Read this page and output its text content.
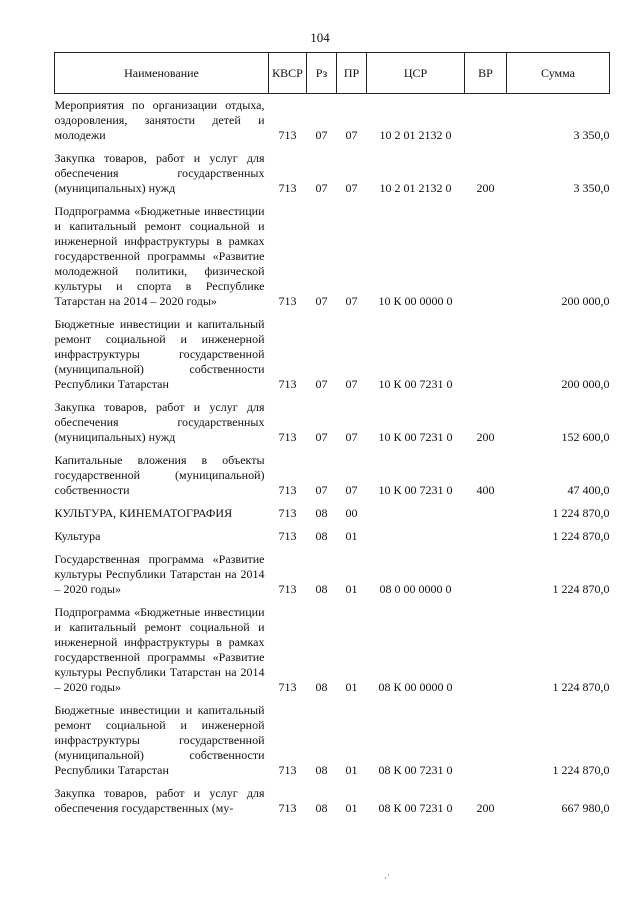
104
Наименование	КВСР	Рз	ПР	ЦСР	ВР	Сумма
Мероприятия по организации отдыха, оздоровления, занятости детей и молодежи	713	07	07	10 2 01 2132 0		3 350,0
Закупка товаров, работ и услуг для обеспечения государственных (муниципальных) нужд	713	07	07	10 2 01 2132 0	200	3 350,0
Подпрограмма «Бюджетные инвестиции и капитальный ремонт социальной и инженерной инфраструктуры в рамках государственной программы «Развитие молодежной политики, физической культуры и спорта в Республике Татарстан на 2014 – 2020 годы»	713	07	07	10 К 00 0000 0		200 000,0
Бюджетные инвестиции и капитальный ремонт социальной и инженерной инфраструктуры государственной (муниципальной) собственности Республики Татарстан	713	07	07	10 К 00 7231 0		200 000,0
Закупка товаров, работ и услуг для обеспечения государственных (муниципальных) нужд	713	07	07	10 К 00 7231 0	200	152 600,0
Капитальные вложения в объекты государственной (муниципальной) собственности	713	07	07	10 К 00 7231 0	400	47 400,0
КУЛЬТУРА, КИНЕМАТОГРАФИЯ	713	08	00			1 224 870,0
Культура	713	08	01			1 224 870,0
Государственная программа «Развитие культуры Республики Татарстан на 2014 – 2020 годы»	713	08	01	08 0 00 0000 0		1 224 870,0
Подпрограмма «Бюджетные инвестиции и капитальный ремонт социальной и инженерной инфраструктуры в рамках государственной программы «Развитие культуры Республики Татарстан на 2014 – 2020 годы»	713	08	01	08 К 00 0000 0		1 224 870,0
Бюджетные инвестиции и капитальный ремонт социальной и инженерной инфраструктуры государственной (муниципальной) собственности Республики Татарстан	713	08	01	08 К 00 7231 0		1 224 870,0
Закупка товаров, работ и услуг для обеспечения государственных (му-	713	08	01	08 К 00 7231 0	200	667 980,0
·˙
